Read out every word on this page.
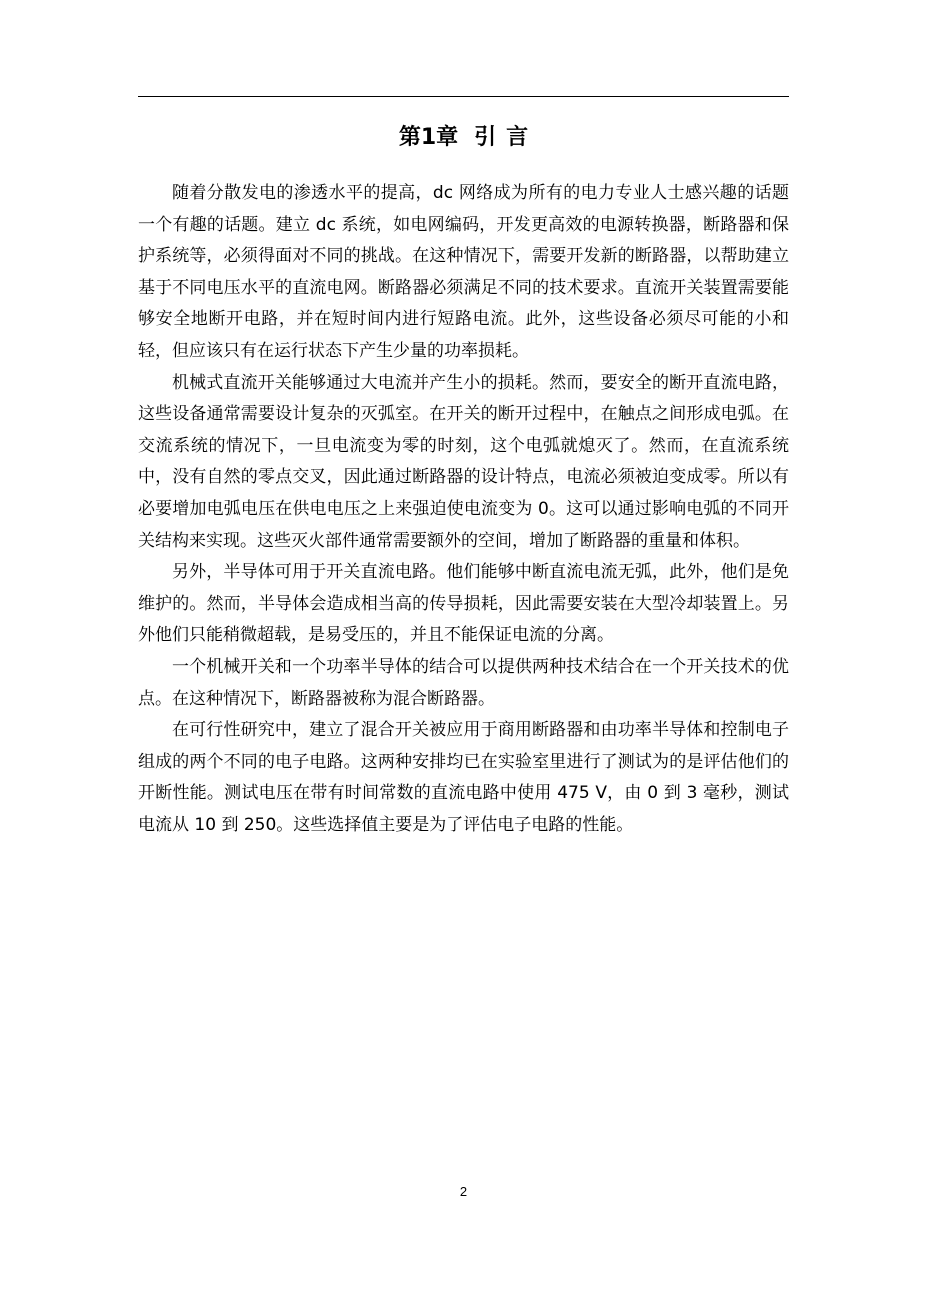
第1章 引 言

随着分散发电的渗透水平的提高，dc 网络成为所有的电力专业人士感兴趣的话题一个有趣的话题。建立 dc 系统，如电网编码，开发更高效的电源转换器，断路器和保护系统等，必须得面对不同的挑战。在这种情况下，需要开发新的断路器，以帮助建立基于不同电压水平的直流电网。断路器必须满足不同的技术要求。直流开关装置需要能够安全地断开电路，并在短时间内进行短路电流。此外，这些设备必须尽可能的小和轻，但应该只有在运行状态下产生少量的功率损耗。

机械式直流开关能够通过大电流并产生小的损耗。然而，要安全的断开直流电路，这些设备通常需要设计复杂的灭弧室。在开关的断开过程中，在触点之间形成电弧。在交流系统的情况下，一旦电流变为零的时刻，这个电弧就熄灭了。然而，在直流系统中，没有自然的零点交叉，因此通过断路器的设计特点，电流必须被迫变成零。所以有必要增加电弧电压在供电电压之上来强迫使电流变为 0。这可以通过影响电弧的不同开关结构来实现。这些灭火部件通常需要额外的空间，增加了断路器的重量和体积。

另外，半导体可用于开关直流电路。他们能够中断直流电流无弧，此外，他们是免维护的。然而，半导体会造成相当高的传导损耗，因此需要安装在大型冷却装置上。另外他们只能稍微超载，是易受压的，并且不能保证电流的分离。

一个机械开关和一个功率半导体的结合可以提供两种技术结合在一个开关技术的优点。在这种情况下，断路器被称为混合断路器。

在可行性研究中，建立了混合开关被应用于商用断路器和由功率半导体和控制电子组成的两个不同的电子电路。这两种安排均已在实验室里进行了测试为的是评估他们的开断性能。测试电压在带有时间常数的直流电路中使用 475 V，由 0 到 3 毫秒，测试电流从 10 到 250。这些选择值主要是为了评估电子电路的性能。

2
